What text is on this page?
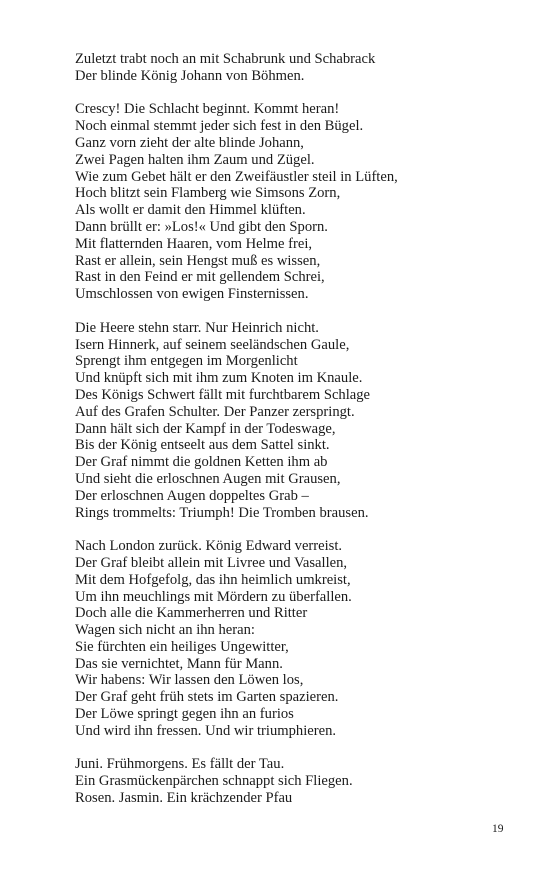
Zuletzt trabt noch an mit Schabrunk und Schabrack
Der blinde König Johann von Böhmen.
Crescy! Die Schlacht beginnt. Kommt heran!
Noch einmal stemmt jeder sich fest in den Bügel.
Ganz vorn zieht der alte blinde Johann,
Zwei Pagen halten ihm Zaum und Zügel.
Wie zum Gebet hält er den Zweifäustler steil in Lüften,
Hoch blitzt sein Flamberg wie Simsons Zorn,
Als wollt er damit den Himmel klüften.
Dann brüllt er: »Los!« Und gibt den Sporn.
Mit flatternden Haaren, vom Helme frei,
Rast er allein, sein Hengst muß es wissen,
Rast in den Feind er mit gellendem Schrei,
Umschlossen von ewigen Finsternissen.
Die Heere stehn starr. Nur Heinrich nicht.
Isern Hinnerk, auf seinem seeländschen Gaule,
Sprengt ihm entgegen im Morgenlicht
Und knüpft sich mit ihm zum Knoten im Knaule.
Des Königs Schwert fällt mit furchtbarem Schlage
Auf des Grafen Schulter. Der Panzer zerspringt.
Dann hält sich der Kampf in der Todeswage,
Bis der König entseelt aus dem Sattel sinkt.
Der Graf nimmt die goldnen Ketten ihm ab
Und sieht die erloschnen Augen mit Grausen,
Der erloschnen Augen doppeltes Grab –
Rings trommelts: Triumph! Die Tromben brausen.
Nach London zurück. König Edward verreist.
Der Graf bleibt allein mit Livree und Vasallen,
Mit dem Hofgefolg, das ihn heimlich umkreist,
Um ihn meuchlings mit Mördern zu überfallen.
Doch alle die Kammerherren und Ritter
Wagen sich nicht an ihn heran:
Sie fürchten ein heiliges Ungewitter,
Das sie vernichtet, Mann für Mann.
Wir habens: Wir lassen den Löwen los,
Der Graf geht früh stets im Garten spazieren.
Der Löwe springt gegen ihn an furios
Und wird ihn fressen. Und wir triumphieren.
Juni. Frühmorgens. Es fällt der Tau.
Ein Grasmückenpärchen schnappt sich Fliegen.
Rosen. Jasmin. Ein krächzender Pfau
19
